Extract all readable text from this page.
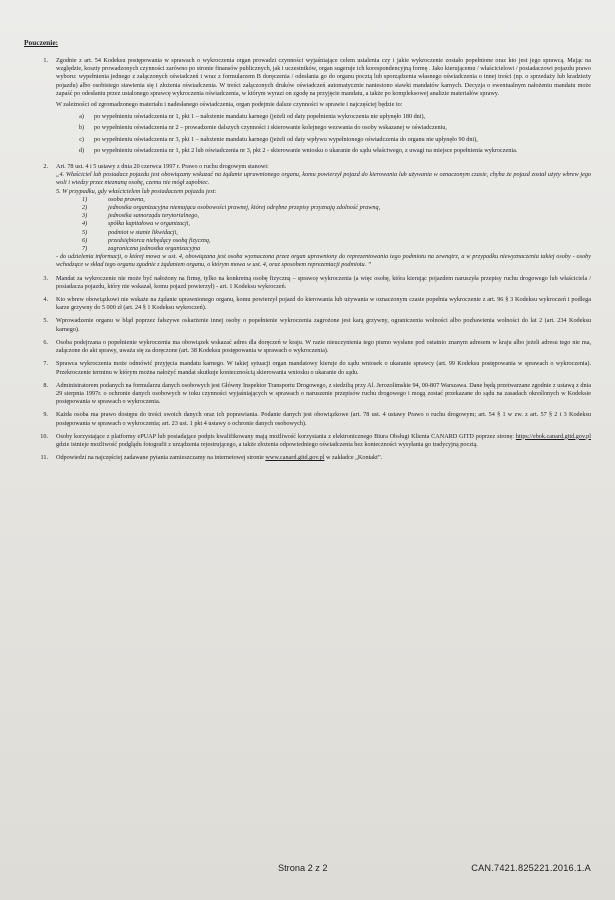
Pouczenie:
1.	Zgodnie z art. 54 Kodeksu postępowania w sprawach o wykroczenia organ prowadzi czynności wyjaśniające celem ustalenia czy i jakie wykroczenie zostało popełnione oraz kto jest jego sprawcą. Mając na względzie, koszty prowadzonych czynności zarówno po stronie finansów publicznych, jak i uczestników, organ sugeruje ich korespondencyjną formę . Jako kierującemu / właścicielowi / posiadaczowi pojazdu prawo wyboru: wypełnienia jednego z załączonych oświadczeń i wraz z formularzem B doręczenia / odesłania go do organu pocztą lub sporządzenia własnego oświadczenia o innej treści (np. o sprzedaży lub kradzieży pojazdu) albo osobistego stawienia się i złożenia oświadczenia. W treści załączonych druków oświadczeń automatycznie naniesiono stawki mandatów karnych. Decyzja o ewentualnym nałożeniu mandatu może zapaść po odesłaniu przez ustalonego sprawcę wykroczenia oświadczenia, w którym wyrazi on zgodę na przyjęcie mandatu, a także po kompleksowej analizie materiałów sprawy.
W zależności od zgromadzonego materiału i nadesłanego oświadczenia, organ podejmie dalsze czynności w sprawie i najczęściej będzie to:
a)	po wypełnieniu oświadczenia nr 1, pkt 1 – nałożenie mandatu karnego (jeżeli od daty popełnienia wykroczenia nie upłynęło 180 dni),
b)	po wypełnieniu oświadczenia nr 2 – prowadzenie dalszych czynności i skierowanie kolejnego wezwania do osoby wskazanej w oświadczeniu,
c)	po wypełnieniu oświadczenia nr 3, pkt 1 – nałożenie mandatu karnego (jeżeli od daty wpływu wypełnionego oświadczenia do organu nie upłynęło 90 dni),
d)	po wypełnieniu oświadczenia nr 1, pkt 2 lub oświadczenia nr 3, pkt 2 - skierowanie wniosku o ukaranie do sądu właściwego, z uwagi na miejsce popełnienia wykroczenia.
2.	Art. 78 ust. 4 i 5 ustawy z dnia 20 czerwca 1997 r. Prawo o ruchu drogowym stanowi:
„4. Właściciel lub posiadacz pojazdu jest obowiązany wskazać na żądanie uprawnionego organu, komu powierzył pojazd do kierowania lub używania w oznaczonym czasie, chyba że pojazd został użyty wbrew jego woli i wiedzy przez nieznaną osobę, czemu nie mógł zapobiec.
5. W przypadku, gdy właścicielem lub posiadaczem pojazdu jest:
1)	osoba prawna,
2)	jednostka organizacyjna niemająca osobowości prawnej, której odrębne przepisy przyznają zdolność prawną,
3)	jednostka samorządu terytorialnego,
4)	spółka kapitałowa w organizacji,
5)	podmiot w stanie likwidacji,
6)	przedsiębiorca niebędący osobą fizyczną,
7)	zagraniczna jednostka organizacyjna
- do udzielenia informacji, o której mowa w ust. 4, obowiązana jest osoba wyznaczona przez organ uprawniony do reprezentowania tego podmiotu na zewnątrz, a w przypadku niewyznaczenia takiej osoby - osoby wchodzące w skład tego organu zgodnie z żądaniem organu, o którym mowa w ust. 4, oraz sposobem reprezentacji podmiotu. ”
3.	Mandat za wykroczenie nie może być nałożony na firmę, tylko na konkretną osobę fizyczną – sprawcę wykroczenia (a więc osobę, która kierując pojazdem naruszyła przepisy ruchu drogowego lub właściciela / posiadacza pojazdu, który nie wskazał, komu pojazd powierzył) - art. 1 Kodeksu wykroczeń.
4.	Kto wbrew obowiązkowi nie wskaże na żądanie uprawnionego organu, komu powierzył pojazd do kierowania lub używania w oznaczonym czasie popełnia wykroczenie z art. 96 § 3 Kodeksu wykroczeń i podlega karze grzywny do 5 000 zł (art. 24 § 1 Kodeksu wykroczeń).
5.	Wprowadzenie organu w błąd poprzez fałszywe oskarżenie innej osoby o popełnienie wykroczenia zagrożone jest karą grzywny, ograniczenia wolności albo pozbawienia wolności do lat 2 (art. 234 Kodeksu karnego).
6.	Osoba podejrzana o popełnienie wykroczenia ma obowiązek wskazać adres dla doręczeń w kraju. W razie nieuczynienia tego pismo wysłane pod ostatnio znanym adresem w kraju albo jeżeli adresu tego nie ma, załączone do akt sprawy, uważa się za doręczone (art. 38 Kodeksu postępowania w sprawach o wykroczenia).
7.	Sprawca wykroczenia może odmówić przyjęcia mandatu karnego. W takiej sytuacji organ mandatowy kieruje do sądu wniosek o ukaranie sprawcy (art. 99 Kodeksu postępowania w sprawach o wykroczenia). Przekroczenie terminu w którym można nałożyć mandat skutkuje koniecznością skierowania wniosku o ukaranie do sądu.
8.	Administratorem podanych na formularzu danych osobowych jest Główny Inspektor Transportu Drogowego, z siedzibą przy Al. Jerozolimskie 94, 00-807 Warszawa. Dane będą przetwarzane zgodnie z ustawą z dnia 29 sierpnia 1997r. o ochronie danych osobowych w toku czynności wyjaśniających w sprawach o naruszenie przepisów ruchu drogowego i mogą zostać przekazane do sądu na zasadach określonych w Kodeksie postępowania w sprawach o wykroczenia.
9.	Każda osoba ma prawo dostępu do treści swoich danych oraz ich poprawiania. Podanie danych jest obowiązkowe (art. 78 ust. 4 ustawy Prawo o ruchu drogowym; art. 54 § 1 w zw. z art. 57 § 2 i 3 Kodeksu postępowania w sprawach o wykroczenia; art. 23 ust. 1 pkt 4 ustawy o ochronie danych osobowych).
10.	Osoby korzystające z platformy ePUAP lub posiadające podpis kwalifikowany mają możliwość korzystania z elektronicznego Biura Obsługi Klienta CANARD GITD poprzez stronę: https://ebok.canard.gitd.gov.pl gdzie istnieje możliwość podglądu fotografii z urządzenia rejestrującego, a także złożenia odpowiedniego oświadczenia bez konieczności wysyłania go tradycyjną pocztą.
11.	Odpowiedzi na najczęściej zadawane pytania zamieszczamy na internetowej stronie www.canard.gitd.gov.pl w zakładce „Kontakt”.
Strona 2 z 2	CAN.7421.825221.2016.1.A
